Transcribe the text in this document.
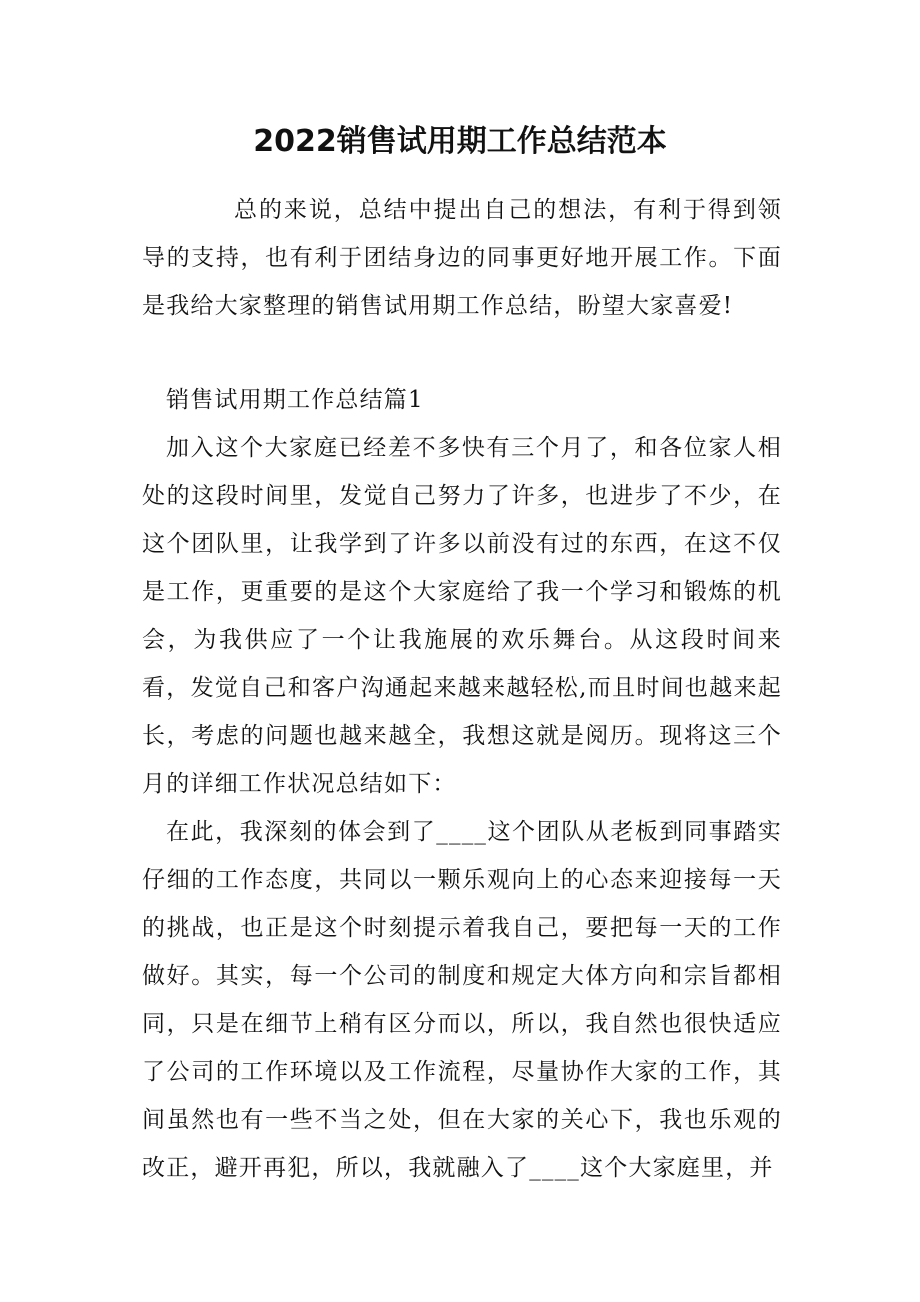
2022销售试用期工作总结范本

总的来说，总结中提出自己的想法，有利于得到领导的支持，也有利于团结身边的同事更好地开展工作。下面是我给大家整理的销售试用期工作总结，盼望大家喜爱!

销售试用期工作总结篇1

加入这个大家庭已经差不多快有三个月了，和各位家人相处的这段时间里，发觉自己努力了许多，也进步了不少，在这个团队里，让我学到了许多以前没有过的东西，在这不仅是工作，更重要的是这个大家庭给了我一个学习和锻炼的机会，为我供应了一个让我施展的欢乐舞台。从这段时间来看，发觉自己和客户沟通起来越来越轻松,而且时间也越来起长，考虑的问题也越来越全，我想这就是阅历。现将这三个月的详细工作状况总结如下：

在此，我深刻的体会到了____这个团队从老板到同事踏实仔细的工作态度，共同以一颗乐观向上的心态来迎接每一天的挑战，也正是这个时刻提示着我自己，要把每一天的工作做好。其实，每一个公司的制度和规定大体方向和宗旨都相同，只是在细节上稍有区分而以，所以，我自然也很快适应了公司的工作环境以及工作流程，尽量协作大家的工作，其间虽然也有一些不当之处，但在大家的关心下，我也乐观的改正，避开再犯，所以，我就融入了____这个大家庭里，并
